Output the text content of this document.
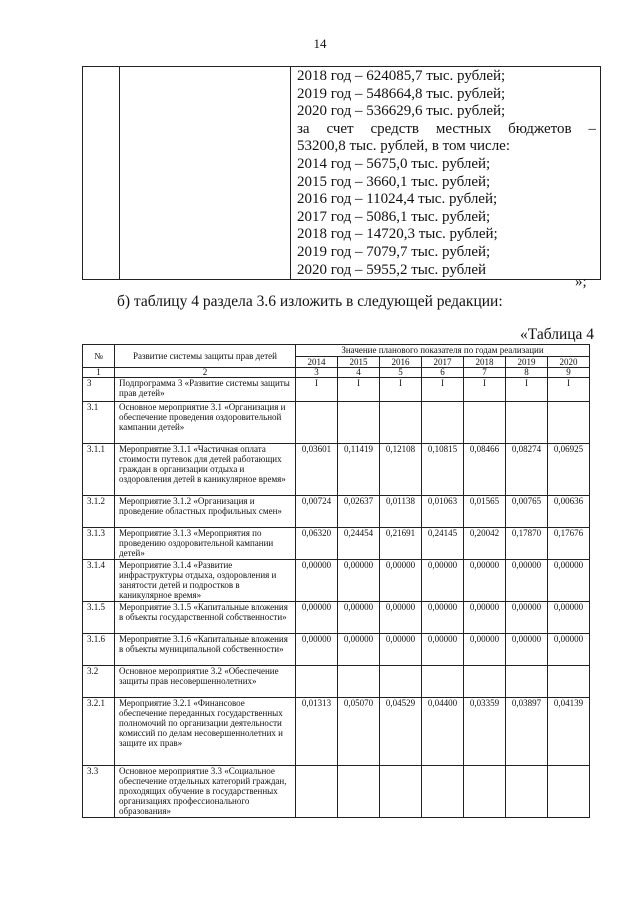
14

2018 год – 624085,7 тыс. рублей;
2019 год – 548664,8 тыс. рублей;
2020 год – 536629,6 тыс. рублей;
за счет средств местных бюджетов –
53200,8 тыс. рублей, в том числе:
2014 год – 5675,0 тыс. рублей;
2015 год – 3660,1 тыс. рублей;
2016 год – 11024,4 тыс. рублей;
2017 год – 5086,1 тыс. рублей;
2018 год – 14720,3 тыс. рублей;
2019 год – 7079,7 тыс. рублей;
2020 год – 5955,2 тыс. рублей
»;
б) таблицу 4 раздела 3.6 изложить в следующей редакции:
«Таблица 4
№	Развитие системы защиты прав детей	Значение планового показателя по годам реализации						
		2014	2015	2016	2017	2018	2019	2020
1	2	3	4	5	6	7	8	9
3	Подпрограмма 3 «Развитие системы защиты прав детей»	I	I	I	I	I	I	I
3.1	Основное мероприятие 3.1 «Организация и обеспечение проведения оздоровительной кампании детей»							
3.1.1	Мероприятие 3.1.1 «Частичная оплата стоимости путевок для детей работающих граждан в организации отдыха и оздоровления детей в каникулярное время»	0,03601	0,11419	0,12108	0,10815	0,08466	0,08274	0,06925
3.1.2	Мероприятие 3.1.2 «Организация и проведение областных профильных смен»	0,00724	0,02637	0,01138	0,01063	0,01565	0,00765	0,00636
3.1.3	Мероприятие 3.1.3 «Мероприятия по проведению оздоровительной кампании детей»	0,06320	0,24454	0,21691	0,24145	0,20042	0,17870	0,17676
3.1.4	Мероприятие 3.1.4 «Развитие инфраструктуры отдыха, оздоровления и занятости детей и подростков в каникулярное время»	0,00000	0,00000	0,00000	0,00000	0,00000	0,00000	0,00000
3.1.5	Мероприятие 3.1.5 «Капитальные вложения в объекты государственной собственности»	0,00000	0,00000	0,00000	0,00000	0,00000	0,00000	0,00000
3.1.6	Мероприятие 3.1.6 «Капитальные вложения в объекты муниципальной собственности»	0,00000	0,00000	0,00000	0,00000	0,00000	0,00000	0,00000
3.2	Основное мероприятие 3.2 «Обеспечение защиты прав несовершеннолетних»							
3.2.1	Мероприятие 3.2.1 «Финансовое обеспечение переданных государственных полномочий по организации деятельности комиссий по делам несовершеннолетних и защите их прав»	0,01313	0,05070	0,04529	0,04400	0,03359	0,03897	0,04139
3.3	Основное мероприятие 3.3 «Социальное обеспечение отдельных категорий граждан, проходящих обучение в государственных организациях профессионального образования»							
